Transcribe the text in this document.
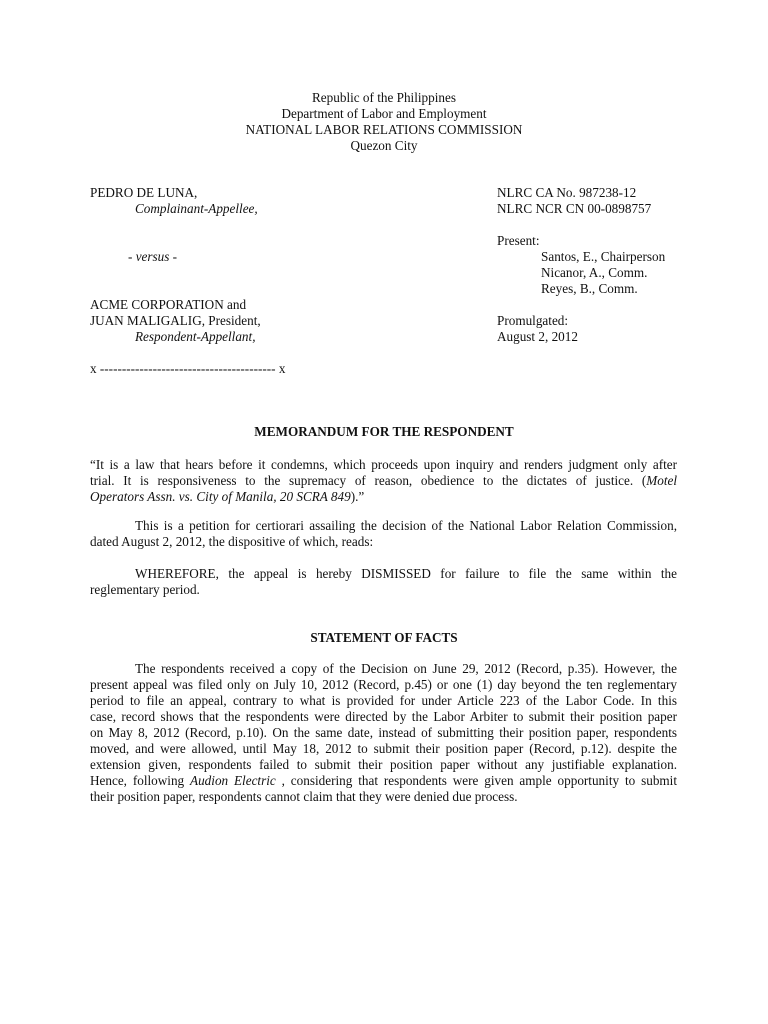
Republic of the Philippines
Department of Labor and Employment
NATIONAL LABOR RELATIONS COMMISSION
Quezon City
PEDRO DE LUNA,
Complainant-Appellee,
- versus -
ACME CORPORATION and
JUAN MALIGALIG, President,
Respondent-Appellant,
x ---------------------------------------- x
NLRC CA No. 987238-12
NLRC NCR CN 00-0898757
Present:
Santos, E., Chairperson
Nicanor, A., Comm.
Reyes, B., Comm.
Promulgated:
August 2, 2012
MEMORANDUM FOR THE RESPONDENT
“It is a law that hears before it condemns, which proceeds upon inquiry and renders judgment only after
trial. It is responsiveness to the supremacy of reason, obedience to the dictates of justice. (Motel
Operators Assn. vs. City of Manila, 20 SCRA 849).”
This is a petition for certiorari assailing the decision of the National Labor Relation Commission,
dated August 2, 2012, the dispositive of which, reads:
WHEREFORE, the appeal is hereby DISMISSED for failure to file the same within the
reglementary period.
STATEMENT OF FACTS
The respondents received a copy of the Decision on June 29, 2012 (Record, p.35). However, the
present appeal was filed only on July 10, 2012 (Record, p.45) or one (1) day beyond the ten reglementary
period to file an appeal, contrary to what is provided for under Article 223 of the Labor Code. In this
case, record shows that the respondents were directed by the Labor Arbiter to submit their position paper
on May 8, 2012 (Record, p.10). On the same date, instead of submitting their position paper, respondents
moved, and were allowed, until May 18, 2012 to submit their position paper (Record, p.12). despite the
extension given, respondents failed to submit their position paper without any justifiable explanation.
Hence, following Audion Electric , considering that respondents were given ample opportunity to submit
their position paper, respondents cannot claim that they were denied due process.
